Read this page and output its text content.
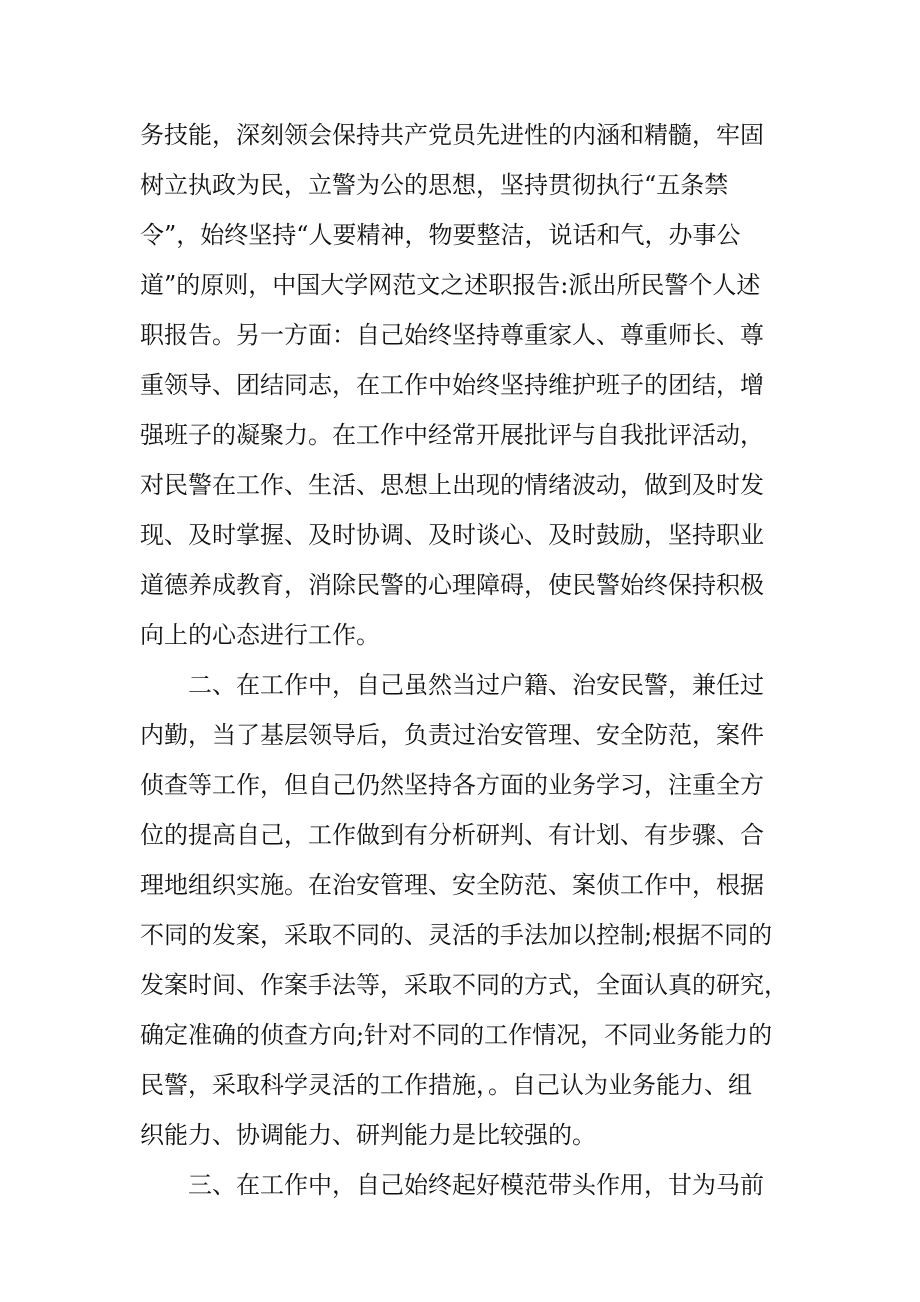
务技能，深刻领会保持共产党员先进性的内涵和精髓，牢固
树立执政为民，立警为公的思想，坚持贯彻执行“五条禁
令”，始终坚持“人要精神，物要整洁，说话和气，办事公
道”的原则，中国大学网范文之述职报告:派出所民警个人述
职报告。另一方面：自己始终坚持尊重家人、尊重师长、尊
重领导、团结同志，在工作中始终坚持维护班子的团结，增
强班子的凝聚力。在工作中经常开展批评与自我批评活动，
对民警在工作、生活、思想上出现的情绪波动，做到及时发
现、及时掌握、及时协调、及时谈心、及时鼓励，坚持职业
道德养成教育，消除民警的心理障碍，使民警始终保持积极
向上的心态进行工作。
二、在工作中，自己虽然当过户籍、治安民警，兼任过
内勤，当了基层领导后，负责过治安管理、安全防范，案件
侦查等工作，但自己仍然坚持各方面的业务学习，注重全方
位的提高自己，工作做到有分析研判、有计划、有步骤、合
理地组织实施。在治安管理、安全防范、案侦工作中，根据
不同的发案，采取不同的、灵活的手法加以控制;根据不同的
发案时间、作案手法等，采取不同的方式，全面认真的研究，
确定准确的侦查方向;针对不同的工作情况，不同业务能力的
民警，采取科学灵活的工作措施，。自己认为业务能力、组
织能力、协调能力、研判能力是比较强的。
三、在工作中，自己始终起好模范带头作用，甘为马前
